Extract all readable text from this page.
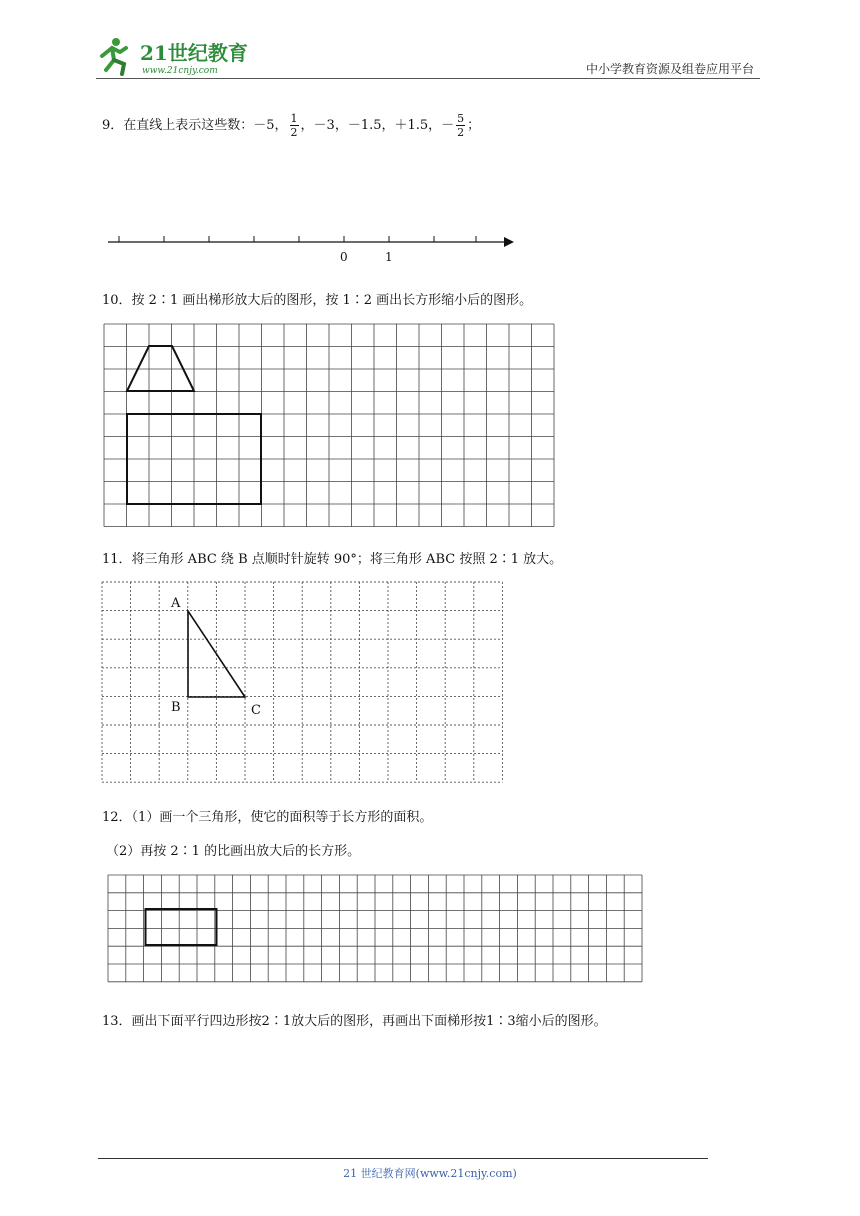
21世纪教育
www.21cnjy.com	中小学教育资源及组卷应用平台
9．在直线上表示这些数：－5， $\frac{1}{2}$ ，－3，－1.5，＋1.5，－ $\frac{5}{2}$ ；
0	1
10．按 2∶1 画出梯形放大后的图形，按 1∶2 画出长方形缩小后的图形。
11．将三角形 ABC 绕 B 点顺时针旋转 90°；将三角形 ABC 按照 2∶1 放大。
A
B	C
12．（1）画一个三角形，使它的面积等于长方形的面积。
（2）再按 2∶1 的比画出放大后的长方形。
13．画出下面平行四边形按2∶1放大后的图形，再画出下面梯形按1∶3缩小后的图形。
21 世纪教育网(www.21cnjy.com)
